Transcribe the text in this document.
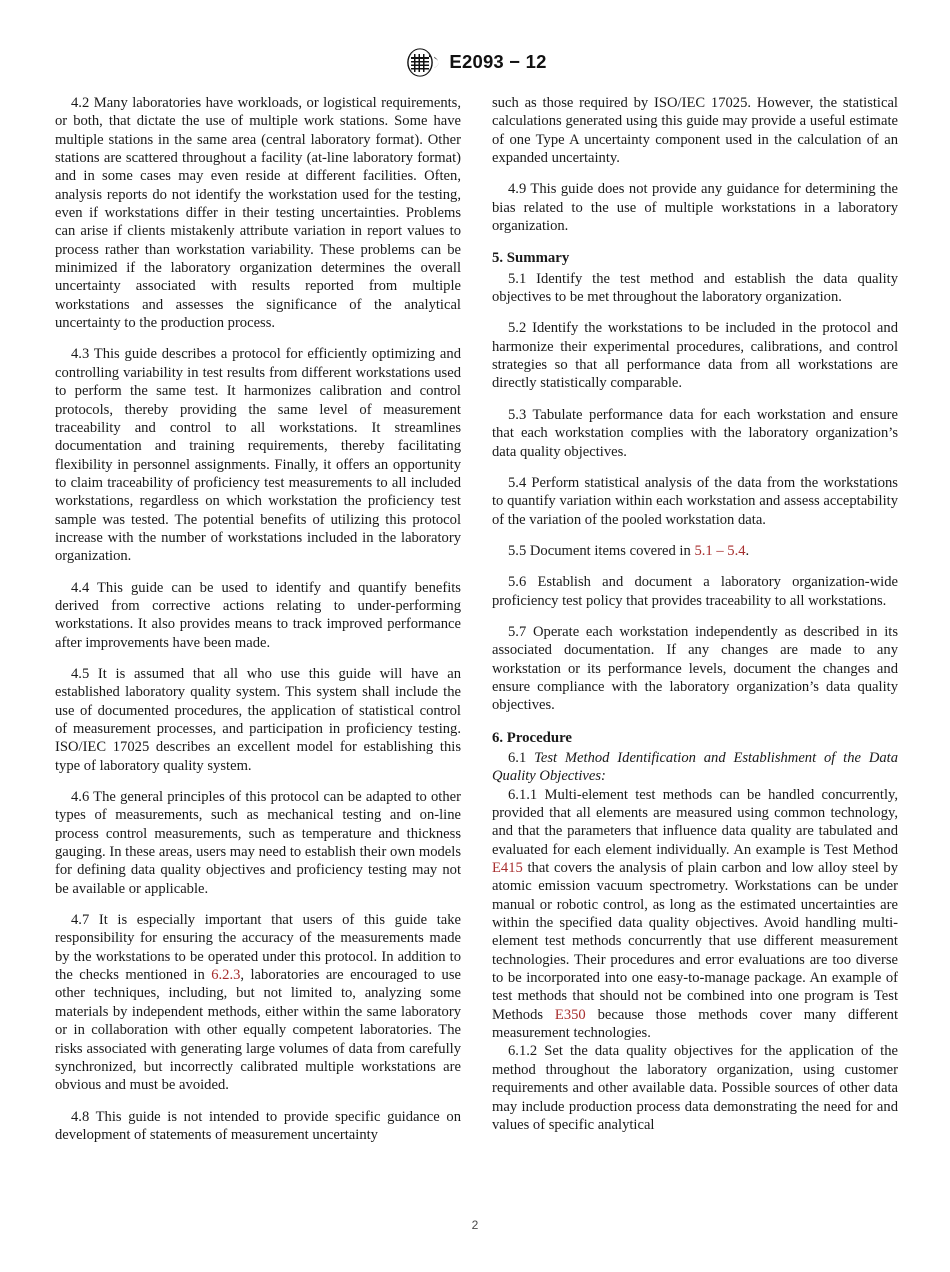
E2093 − 12

4.2 Many laboratories have workloads, or logistical requirements, or both, that dictate the use of multiple work stations. Some have multiple stations in the same area (central laboratory format). Other stations are scattered throughout a facility (at-line laboratory format) and in some cases may even reside at different facilities. Often, analysis reports do not identify the workstation used for the testing, even if workstations differ in their testing uncertainties. Problems can arise if clients mistakenly attribute variation in report values to process rather than workstation variability. These problems can be minimized if the laboratory organization determines the overall uncertainty associated with results reported from multiple workstations and assesses the significance of the analytical uncertainty to the production process.

4.3 This guide describes a protocol for efficiently optimizing and controlling variability in test results from different workstations used to perform the same test. It harmonizes calibration and control protocols, thereby providing the same level of measurement traceability and control to all workstations. It streamlines documentation and training requirements, thereby facilitating flexibility in personnel assignments. Finally, it offers an opportunity to claim traceability of proficiency test measurements to all included workstations, regardless on which workstation the proficiency test sample was tested. The potential benefits of utilizing this protocol increase with the number of workstations included in the laboratory organization.

4.4 This guide can be used to identify and quantify benefits derived from corrective actions relating to under-performing workstations. It also provides means to track improved performance after improvements have been made.

4.5 It is assumed that all who use this guide will have an established laboratory quality system. This system shall include the use of documented procedures, the application of statistical control of measurement processes, and participation in proficiency testing. ISO/IEC 17025 describes an excellent model for establishing this type of laboratory quality system.

4.6 The general principles of this protocol can be adapted to other types of measurements, such as mechanical testing and on-line process control measurements, such as temperature and thickness gauging. In these areas, users may need to establish their own models for defining data quality objectives and proficiency testing may not be available or applicable.

4.7 It is especially important that users of this guide take responsibility for ensuring the accuracy of the measurements made by the workstations to be operated under this protocol. In addition to the checks mentioned in 6.2.3, laboratories are encouraged to use other techniques, including, but not limited to, analyzing some materials by independent methods, either within the same laboratory or in collaboration with other equally competent laboratories. The risks associated with generating large volumes of data from carefully synchronized, but incorrectly calibrated multiple workstations are obvious and must be avoided.

4.8 This guide is not intended to provide specific guidance on development of statements of measurement uncertainty

such as those required by ISO/IEC 17025. However, the statistical calculations generated using this guide may provide a useful estimate of one Type A uncertainty component used in the calculation of an expanded uncertainty.

4.9 This guide does not provide any guidance for determining the bias related to the use of multiple workstations in a laboratory organization.

5. Summary

5.1 Identify the test method and establish the data quality objectives to be met throughout the laboratory organization.

5.2 Identify the workstations to be included in the protocol and harmonize their experimental procedures, calibrations, and control strategies so that all performance data from all workstations are directly statistically comparable.

5.3 Tabulate performance data for each workstation and ensure that each workstation complies with the laboratory organization’s data quality objectives.

5.4 Perform statistical analysis of the data from the workstations to quantify variation within each workstation and assess acceptability of the variation of the pooled workstation data.

5.5 Document items covered in 5.1 – 5.4.

5.6 Establish and document a laboratory organization-wide proficiency test policy that provides traceability to all workstations.

5.7 Operate each workstation independently as described in its associated documentation. If any changes are made to any workstation or its performance levels, document the changes and ensure compliance with the laboratory organization’s data quality objectives.

6. Procedure

6.1 Test Method Identification and Establishment of the Data Quality Objectives:

6.1.1 Multi-element test methods can be handled concurrently, provided that all elements are measured using common technology, and that the parameters that influence data quality are tabulated and evaluated for each element individually. An example is Test Method E415 that covers the analysis of plain carbon and low alloy steel by atomic emission vacuum spectrometry. Workstations can be under manual or robotic control, as long as the estimated uncertainties are within the specified data quality objectives. Avoid handling multi-element test methods concurrently that use different measurement technologies. Their procedures and error evaluations are too diverse to be incorporated into one easy-to-manage package. An example of test methods that should not be combined into one program is Test Methods E350 because those methods cover many different measurement technologies.

6.1.2 Set the data quality objectives for the application of the method throughout the laboratory organization, using customer requirements and other available data. Possible sources of other data may include production process data demonstrating the need for and values of specific analytical

2
